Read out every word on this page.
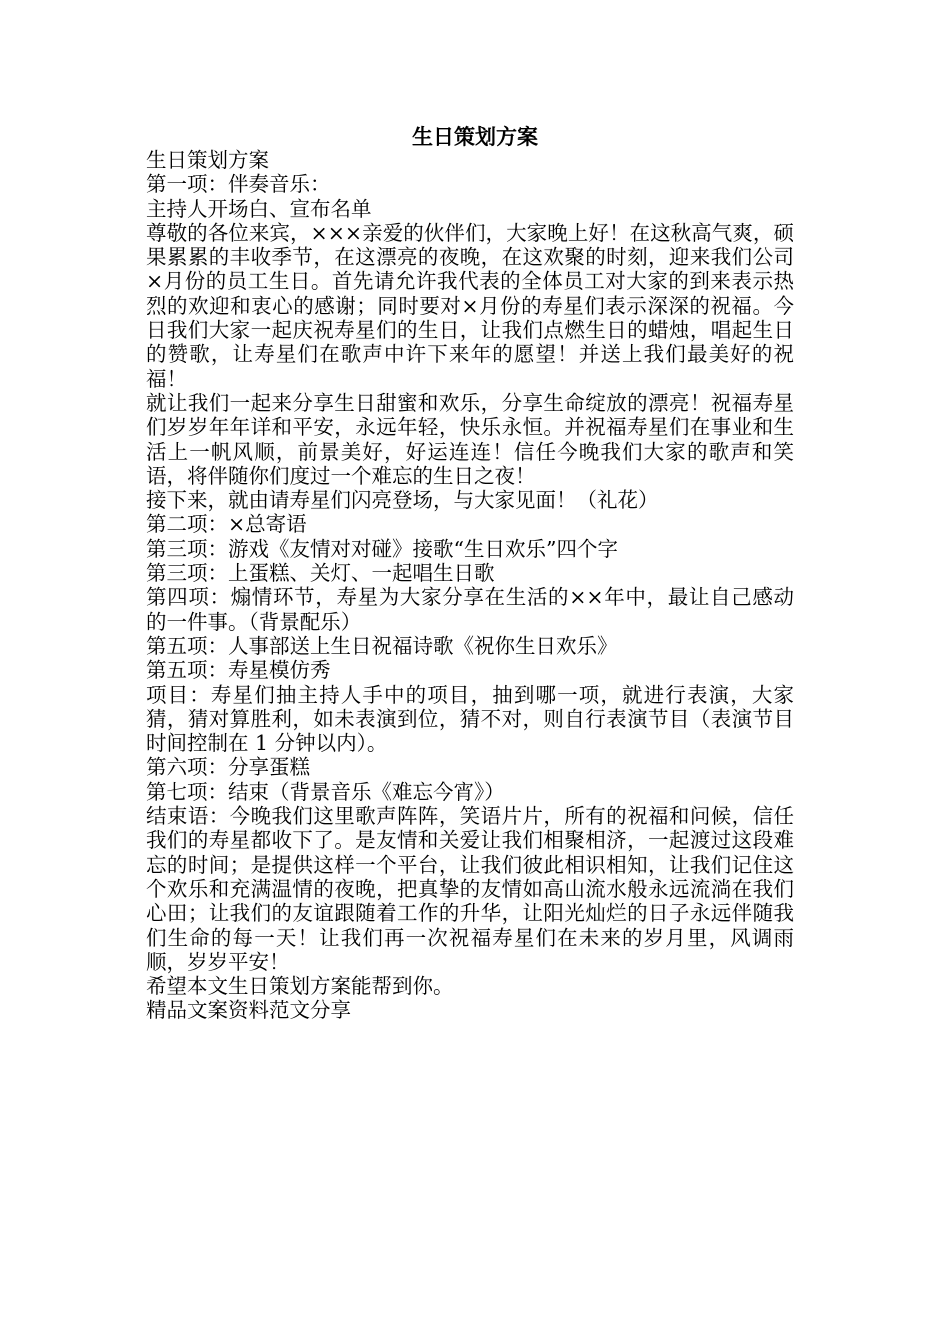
生日策划方案

生日策划方案

第一项：伴奏音乐：

主持人开场白、宣布名单

尊敬的各位来宾，×××亲爱的伙伴们，大家晚上好！在这秋高气爽，硕果累累的丰收季节，在这漂亮的夜晚，在这欢聚的时刻，迎来我们公司×月份的员工生日。首先请允许我代表的全体员工对大家的到来表示热烈的欢迎和衷心的感谢；同时要对×月份的寿星们表示深深的祝福。今日我们大家一起庆祝寿星们的生日，让我们点燃生日的蜡烛，唱起生日的赞歌，让寿星们在歌声中许下来年的愿望！并送上我们最美好的祝福！

就让我们一起来分享生日甜蜜和欢乐，分享生命绽放的漂亮！祝福寿星们岁岁年年详和平安，永远年轻，快乐永恒。并祝福寿星们在事业和生活上一帆风顺，前景美好，好运连连！信任今晚我们大家的歌声和笑语，将伴随你们度过一个难忘的生日之夜！

接下来，就由请寿星们闪亮登场，与大家见面！（礼花）

第二项：×总寄语

第三项：游戏《友情对对碰》接歌“生日欢乐”四个字

第三项：上蛋糕、关灯、一起唱生日歌

第四项：煽情环节，寿星为大家分享在生活的××年中，最让自己感动的一件事。（背景配乐）

第五项：人事部送上生日祝福诗歌《祝你生日欢乐》

第五项：寿星模仿秀

项目：寿星们抽主持人手中的项目，抽到哪一项，就进行表演，大家猜，猜对算胜利，如未表演到位，猜不对，则自行表演节目（表演节目时间控制在 1 分钟以内）。

第六项：分享蛋糕

第七项：结束（背景音乐《难忘今宵》）

结束语：今晚我们这里歌声阵阵，笑语片片，所有的祝福和问候，信任我们的寿星都收下了。是友情和关爱让我们相聚相济，一起渡过这段难忘的时间；是提供这样一个平台，让我们彼此相识相知，让我们记住这个欢乐和充满温情的夜晚，把真挚的友情如高山流水般永远流淌在我们心田；让我们的友谊跟随着工作的升华，让阳光灿烂的日子永远伴随我们生命的每一天！让我们再一次祝福寿星们在未来的岁月里，风调雨顺，岁岁平安！

希望本文生日策划方案能帮到你。

精品文案资料范文分享
